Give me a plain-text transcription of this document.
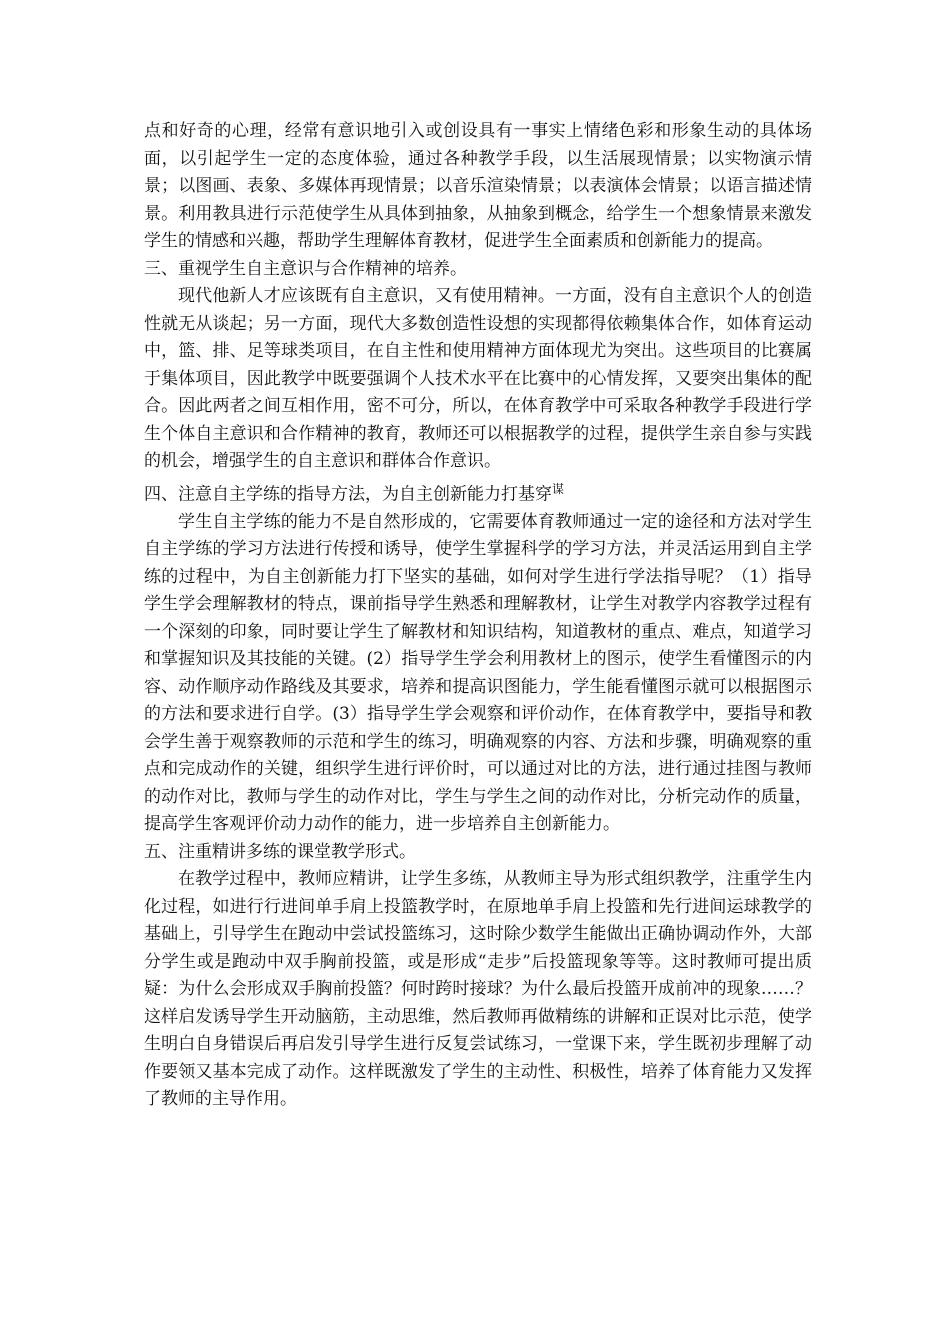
点和好奇的心理，经常有意识地引入或创设具有一事实上情绪色彩和形象生动的具体场面，以引起学生一定的态度体验，通过各种教学手段，以生活展现情景；以实物演示情景；以图画、表象、多媒体再现情景；以音乐渲染情景；以表演体会情景；以语言描述情景。利用教具进行示范使学生从具体到抽象，从抽象到概念，给学生一个想象情景来激发学生的情感和兴趣，帮助学生理解体育教材，促进学生全面素质和创新能力的提高。

三、重视学生自主意识与合作精神的培养。

现代他新人才应该既有自主意识，又有使用精神。一方面，没有自主意识个人的创造性就无从谈起；另一方面，现代大多数创造性设想的实现都得依赖集体合作，如体育运动中，篮、排、足等球类项目，在自主性和使用精神方面体现尤为突出。这些项目的比赛属于集体项目，因此教学中既要强调个人技术水平在比赛中的心情发挥，又要突出集体的配合。因此两者之间互相作用，密不可分，所以，在体育教学中可采取各种教学手段进行学生个体自主意识和合作精神的教育，教师还可以根据教学的过程，提供学生亲自参与实践的机会，增强学生的自主意识和群体合作意识。

四、注意自主学练的指导方法，为自主创新能力打基穿$^谋$

学生自主学练的能力不是自然形成的，它需要体育教师通过一定的途径和方法对学生自主学练的学习方法进行传授和诱导，使学生掌握科学的学习方法，并灵活运用到自主学练的过程中，为自主创新能力打下坚实的基础，如何对学生进行学法指导呢？（1）指导学生学会理解教材的特点，课前指导学生熟悉和理解教材，让学生对教学内容教学过程有一个深刻的印象，同时要让学生了解教材和知识结构，知道教材的重点、难点，知道学习和掌握知识及其技能的关键。(2）指导学生学会利用教材上的图示，使学生看懂图示的内容、动作顺序动作路线及其要求，培养和提高识图能力，学生能看懂图示就可以根据图示的方法和要求进行自学。(3）指导学生学会观察和评价动作，在体育教学中，要指导和教会学生善于观察教师的示范和学生的练习，明确观察的内容、方法和步骤，明确观察的重点和完成动作的关键，组织学生进行评价时，可以通过对比的方法，进行通过挂图与教师的动作对比，教师与学生的动作对比，学生与学生之间的动作对比，分析完动作的质量，提高学生客观评价动力动作的能力，进一步培养自主创新能力。

五、注重精讲多练的课堂教学形式。

在教学过程中，教师应精讲，让学生多练，从教师主导为形式组织教学，注重学生内化过程，如进行行进间单手肩上投篮教学时，在原地单手肩上投篮和先行进间运球教学的基础上，引导学生在跑动中尝试投篮练习，这时除少数学生能做出正确协调动作外，大部分学生或是跑动中双手胸前投篮，或是形成“走步”后投篮现象等等。这时教师可提出质疑：为什么会形成双手胸前投篮？何时跨时接球？为什么最后投篮开成前冲的现象……？这样启发诱导学生开动脑筋，主动思维，然后教师再做精练的讲解和正误对比示范，使学生明白自身错误后再启发引导学生进行反复尝试练习，一堂课下来，学生既初步理解了动作要领又基本完成了动作。这样既激发了学生的主动性、积极性，培养了体育能力又发挥了教师的主导作用。
